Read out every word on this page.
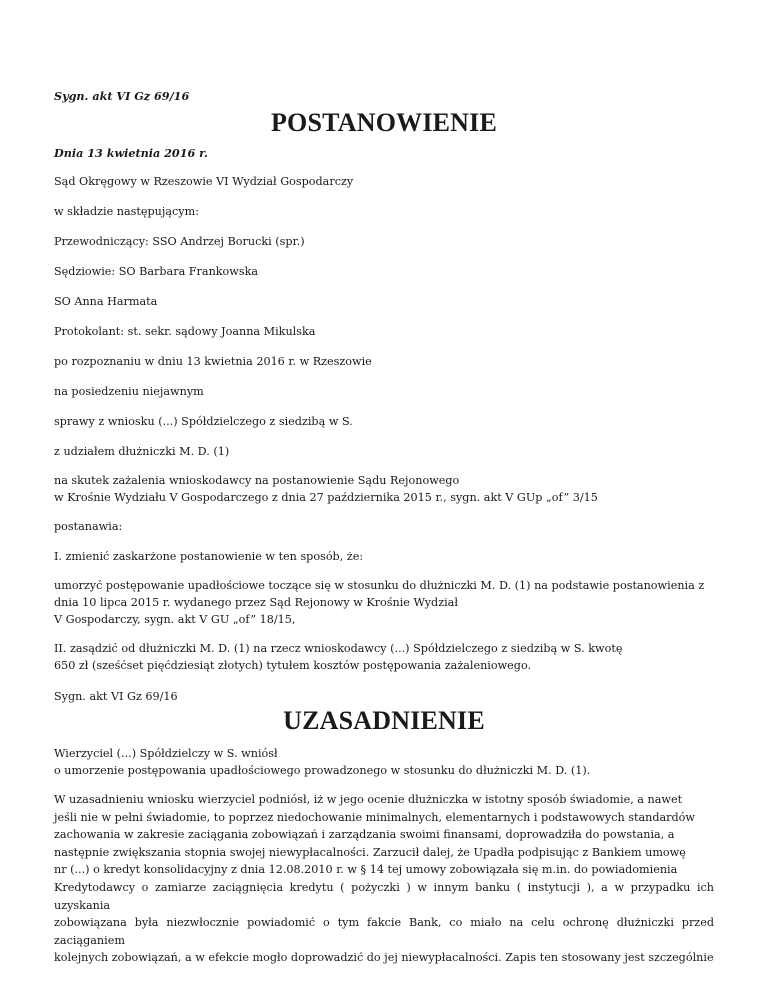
Sygn. akt VI Gz 69/16

POSTANOWIENIE

Dnia 13 kwietnia 2016 r.

Sąd Okręgowy w Rzeszowie VI Wydział Gospodarczy

w składzie następującym:

Przewodniczący: SSO Andrzej Borucki (spr.)

Sędziowie: SO Barbara Frankowska

SO Anna Harmata

Protokolant: st. sekr. sądowy Joanna Mikulska

po rozpoznaniu w dniu 13 kwietnia 2016 r. w Rzeszowie

na posiedzeniu niejawnym

sprawy z wniosku (...) Spółdzielczego z siedzibą w S.

z udziałem dłużniczki M. D. (1)

na skutek zażalenia wnioskodawcy na postanowienie Sądu Rejonowego

w Krośnie Wydziału V Gospodarczego z dnia 27 października 2015 r., sygn. akt V GUp „of” 3/15

postanawia:

I. zmienić zaskarżone postanowienie w ten sposób, że:

umorzyć postępowanie upadłościowe toczące się w stosunku do dłużniczki M. D. (1) na podstawie postanowienia z

dnia 10 lipca 2015 r. wydanego przez Sąd Rejonowy w Krośnie Wydział

V Gospodarczy, sygn. akt V GU „of” 18/15,

II. zasądzić od dłużniczki M. D. (1) na rzecz wnioskodawcy (...) Spółdzielczego z siedzibą w S. kwotę

650 zł (sześćset pięćdziesiąt złotych) tytułem kosztów postępowania zażaleniowego.

Sygn. akt VI Gz 69/16

UZASADNIENIE

Wierzyciel (...) Spółdzielczy w S. wniósł

o umorzenie postępowania upadłościowego prowadzonego w stosunku do dłużniczki M. D. (1).

W uzasadnieniu wniosku wierzyciel podniósł, iż w jego ocenie dłużniczka w istotny sposób świadomie, a nawet
jeśli nie w pełni świadomie, to poprzez niedochowanie minimalnych, elementarnych i podstawowych standardów
zachowania w zakresie zaciągania zobowiązań i zarządzania swoimi finansami, doprowadziła do powstania, a
następnie zwiększania stopnia swojej niewypłacalności. Zarzucił dalej, że Upadła podpisując z Bankiem umowę
nr (...) o kredyt konsolidacyjny z dnia 12.08.2010 r. w § 14 tej umowy zobowiązała się m.in. do powiadomienia
Kredytodawcy o zamiarze zaciągnięcia kredytu ( pożyczki ) w innym banku ( instytucji ), a w przypadku ich uzyskania
zobowiązana była niezwłocznie powiadomić o tym fakcie Bank, co miało na celu ochronę dłużniczki przed zaciąganiem
kolejnych zobowiązań, a w efekcie mogło doprowadzić do jej niewypłacalności. Zapis ten stosowany jest szczególnie
